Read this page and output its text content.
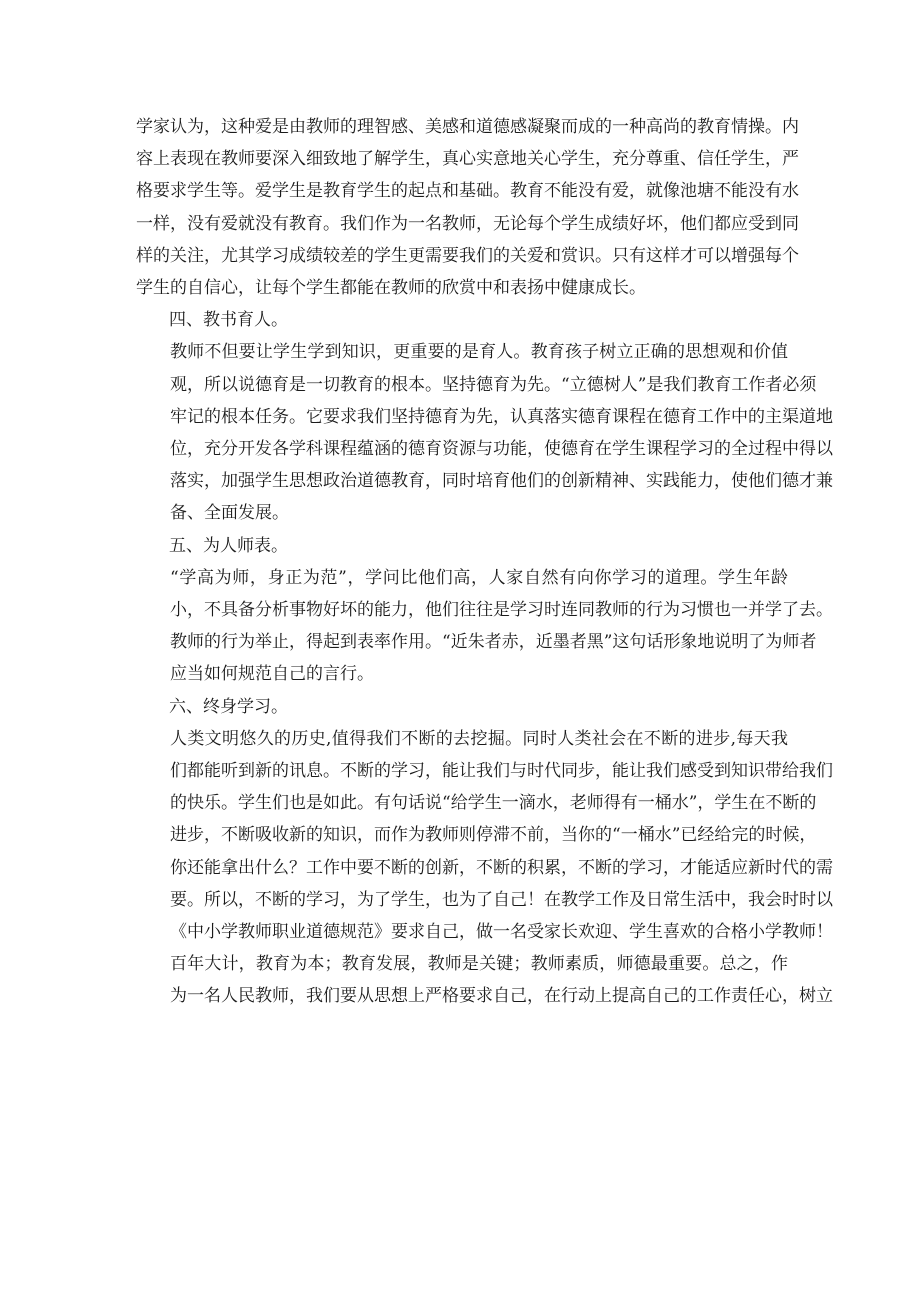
学家认为，这种爱是由教师的理智感、美感和道德感凝聚而成的一种高尚的教育情操。内
容上表现在教师要深入细致地了解学生，真心实意地关心学生，充分尊重、信任学生，严
格要求学生等。爱学生是教育学生的起点和基础。教育不能没有爱，就像池塘不能没有水
一样，没有爱就没有教育。我们作为一名教师，无论每个学生成绩好坏，他们都应受到同
样的关注，尤其学习成绩较差的学生更需要我们的关爱和赏识。只有这样才可以增强每个
学生的自信心，让每个学生都能在教师的欣赏中和表扬中健康成长。

四、教书育人。

教师不但要让学生学到知识，更重要的是育人。教育孩子树立正确的思想观和价值
观，所以说德育是一切教育的根本。坚持德育为先。“立德树人”是我们教育工作者必须
牢记的根本任务。它要求我们坚持德育为先，认真落实德育课程在德育工作中的主渠道地
位，充分开发各学科课程蕴涵的德育资源与功能，使德育在学生课程学习的全过程中得以
落实，加强学生思想政治道德教育，同时培育他们的创新精神、实践能力，使他们德才兼
备、全面发展。

五、为人师表。

“学高为师，身正为范”，学问比他们高，人家自然有向你学习的道理。学生年龄
小，不具备分析事物好坏的能力，他们往往是学习时连同教师的行为习惯也一并学了去。
教师的行为举止，得起到表率作用。“近朱者赤，近墨者黑”这句话形象地说明了为师者
应当如何规范自己的言行。

六、终身学习。

人类文明悠久的历史,值得我们不断的去挖掘。同时人类社会在不断的进步,每天我
们都能听到新的讯息。不断的学习，能让我们与时代同步，能让我们感受到知识带给我们
的快乐。学生们也是如此。有句话说“给学生一滴水，老师得有一桶水”，学生在不断的
进步，不断吸收新的知识，而作为教师则停滞不前，当你的“一桶水”已经给完的时候，
你还能拿出什么？工作中要不断的创新，不断的积累，不断的学习，才能适应新时代的需
要。所以，不断的学习，为了学生，也为了自己！在教学工作及日常生活中，我会时时以
《中小学教师职业道德规范》要求自己，做一名受家长欢迎、学生喜欢的合格小学教师！

百年大计，教育为本；教育发展，教师是关键；教师素质，师德最重要。总之，作
为一名人民教师，我们要从思想上严格要求自己，在行动上提高自己的工作责任心，树立
